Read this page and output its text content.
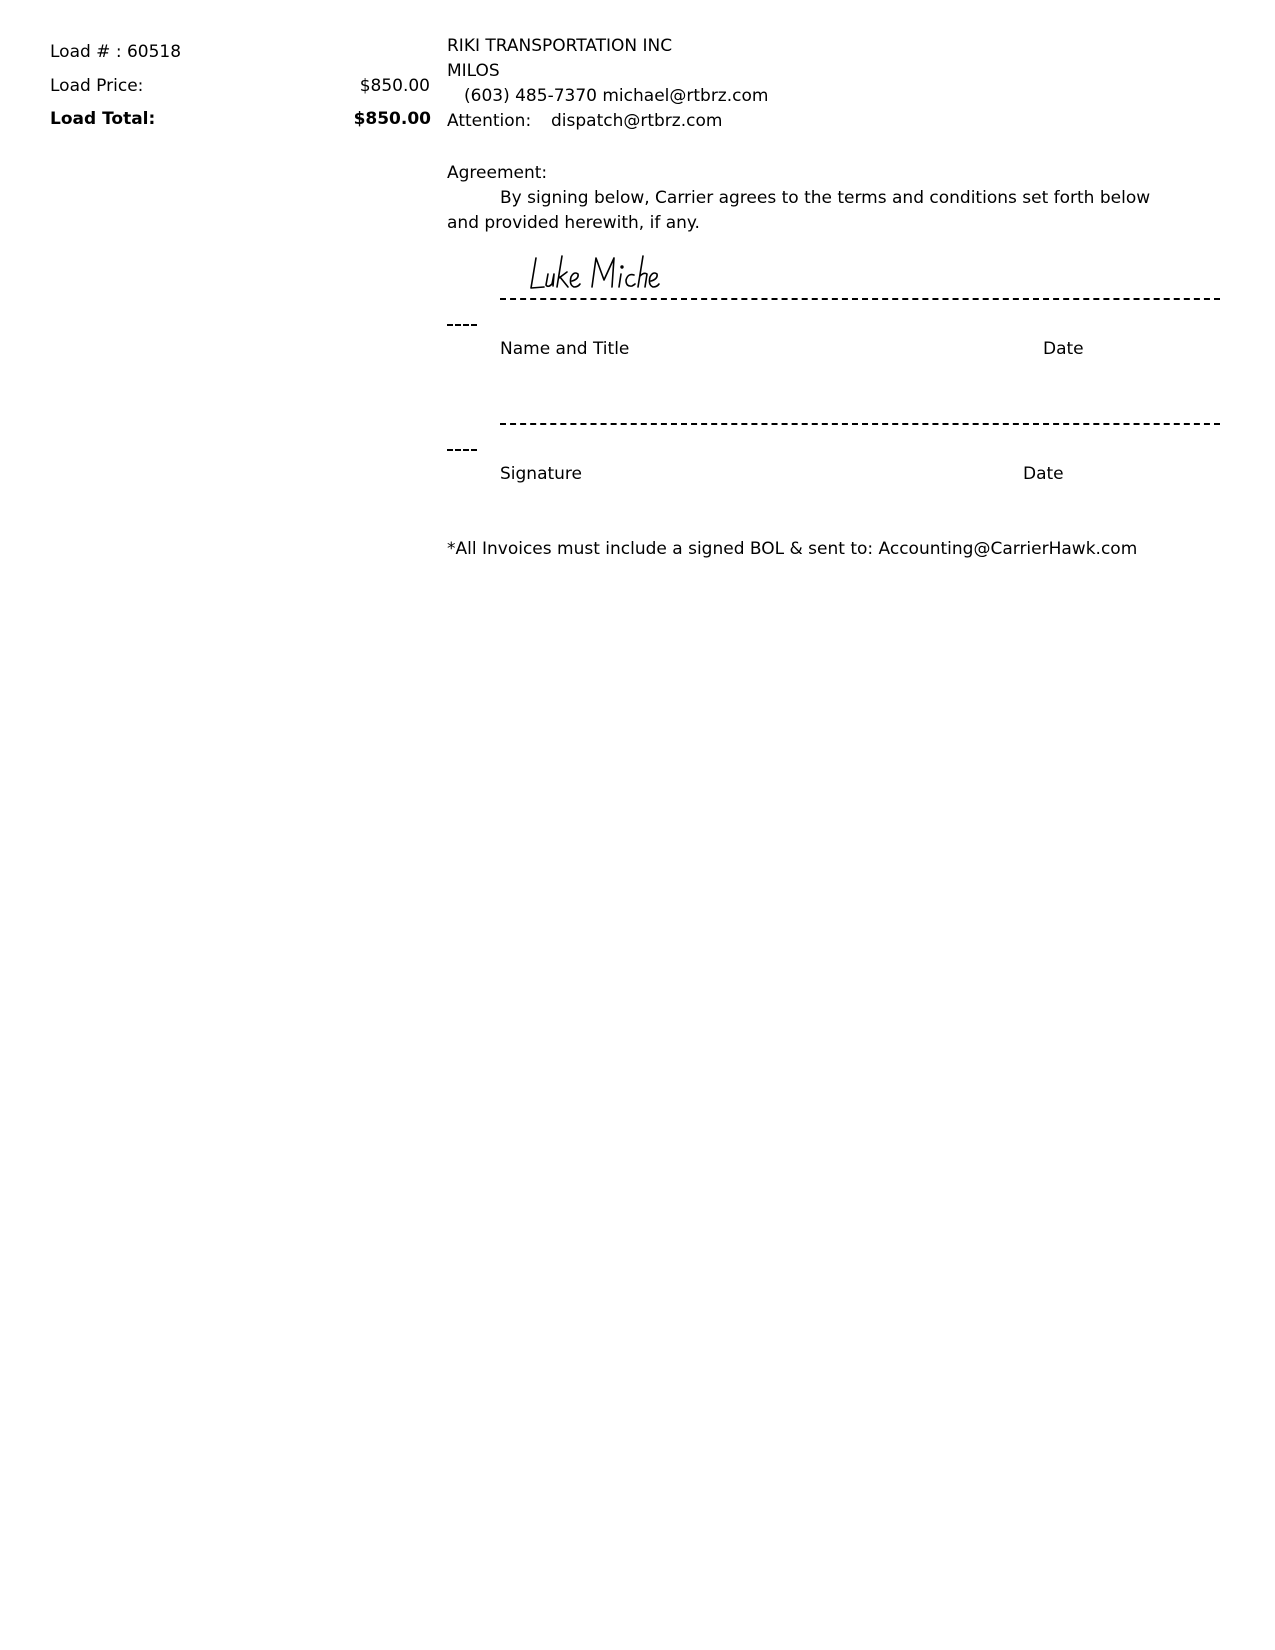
Load # : 60518
Load Price:	$850.00
Load Total:	$850.00
RIKI TRANSPORTATION INC
MILOS
(603) 485-7370 michael@rtbrz.com
Attention: dispatch@rtbrz.com
Agreement:
By signing below, Carrier agrees to the terms and conditions set forth below and provided herewith, if any.
Name and Title	Date
Signature	Date
*All Invoices must include a signed BOL & sent to: Accounting@CarrierHawk.com
